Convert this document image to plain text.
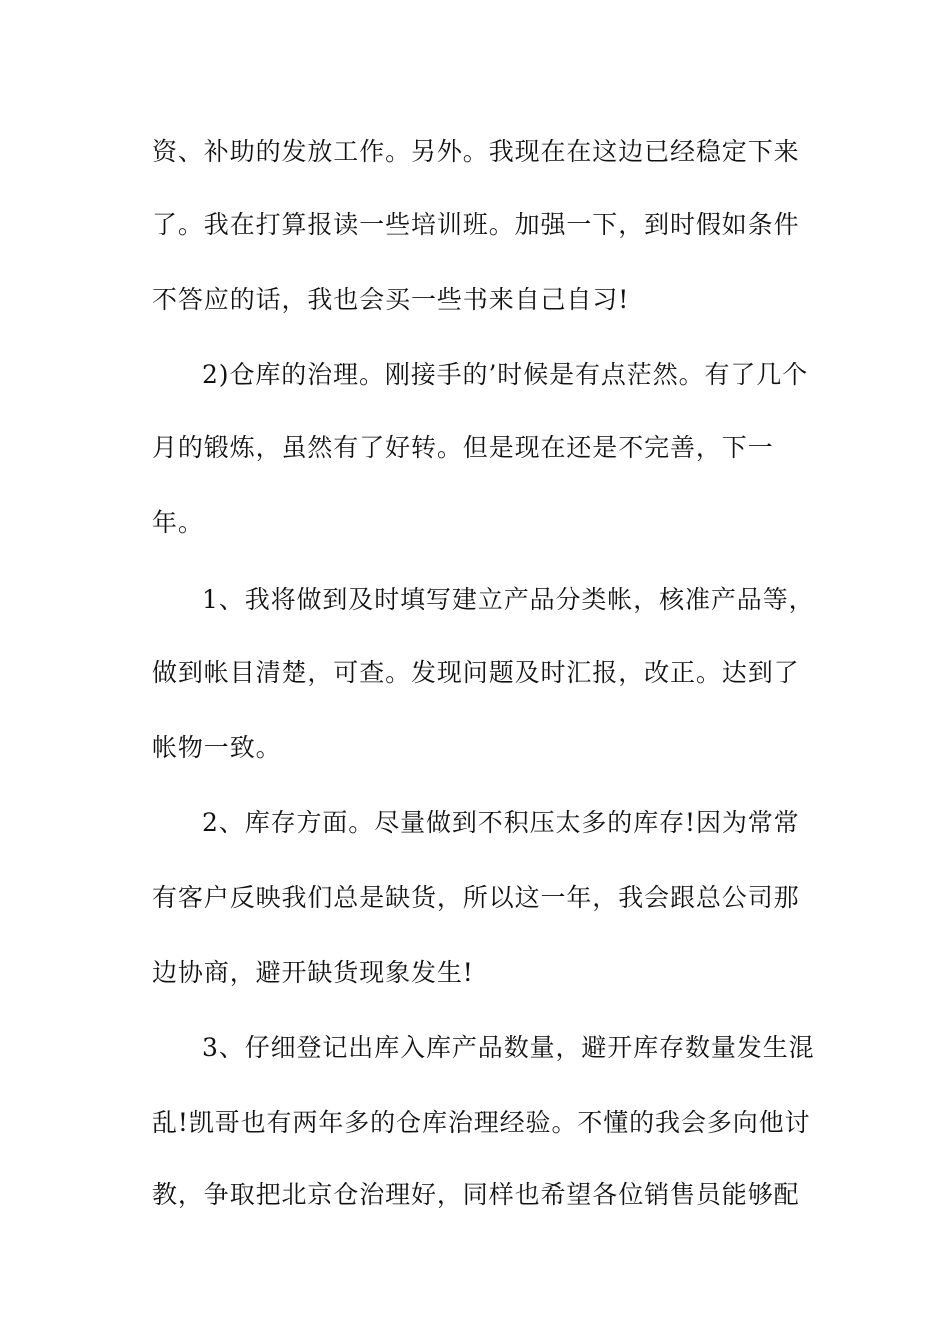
资、补助的发放工作。另外。我现在在这边已经稳定下来
了。我在打算报读一些培训班。加强一下，到时假如条件
不答应的话，我也会买一些书来自己自习!
2)仓库的治理。刚接手的’时候是有点茫然。有了几个
月的锻炼，虽然有了好转。但是现在还是不完善，下一
年。
1、我将做到及时填写建立产品分类帐，核准产品等，
做到帐目清楚，可查。发现问题及时汇报，改正。达到了
帐物一致。
2、库存方面。尽量做到不积压太多的库存!因为常常
有客户反映我们总是缺货，所以这一年，我会跟总公司那
边协商，避开缺货现象发生!
3、仔细登记出库入库产品数量，避开库存数量发生混
乱!凯哥也有两年多的仓库治理经验。不懂的我会多向他讨
教，争取把北京仓治理好，同样也希望各位销售员能够配
